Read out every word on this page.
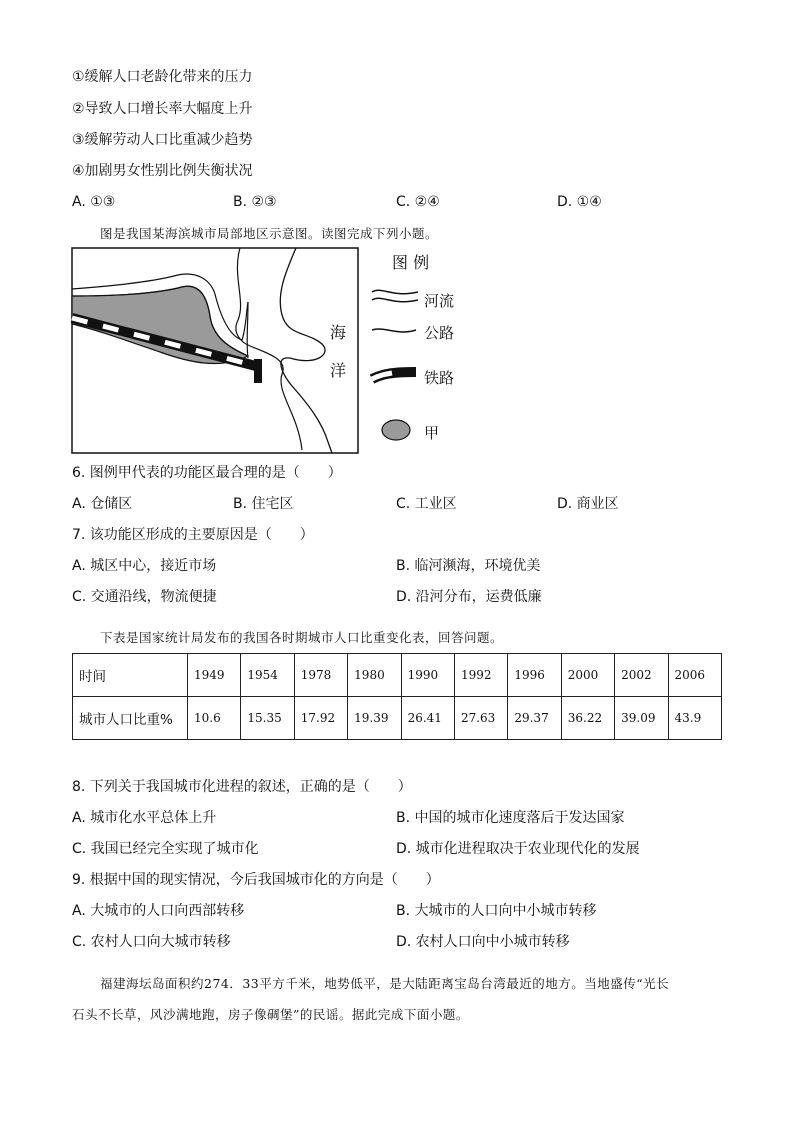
①缓解人口老龄化带来的压力
②导致人口增长率大幅度上升
③缓解劳动人口比重减少趋势
④加剧男女性别比例失衡状况
A. ①③	B. ②③	C. ②④	D. ①④
图是我国某海滨城市局部地区示意图。读图完成下列小题。
海
洋
图 例
河流
公路
铁路
甲
6. 图例甲代表的功能区最合理的是（　　）
A. 仓储区	B. 住宅区	C. 工业区	D. 商业区
7. 该功能区形成的主要原因是（　　）
A. 城区中心，接近市场	B. 临河濒海，环境优美
C. 交通沿线，物流便捷	D. 沿河分布，运费低廉
下表是国家统计局发布的我国各时期城市人口比重变化表，回答问题。
时间	1949	1954	1978	1980	1990	1992	1996	2000	2002	2006
城市人口比重%	10.6	15.35	17.92	19.39	26.41	27.63	29.37	36.22	39.09	43.9
8. 下列关于我国城市化进程的叙述，正确的是（　　）
A. 城市化水平总体上升	B. 中国的城市化速度落后于发达国家
C. 我国已经完全实现了城市化	D. 城市化进程取决于农业现代化的发展
9. 根据中国的现实情况，今后我国城市化的方向是（　　）
A. 大城市的人口向西部转移	B. 大城市的人口向中小城市转移
C. 农村人口向大城市转移	D. 农村人口向中小城市转移
福建海坛岛面积约274．33平方千米，地势低平，是大陆距离宝岛台湾最近的地方。当地盛传“光长
石头不长草，风沙满地跑，房子像碉堡”的民谣。据此完成下面小题。
